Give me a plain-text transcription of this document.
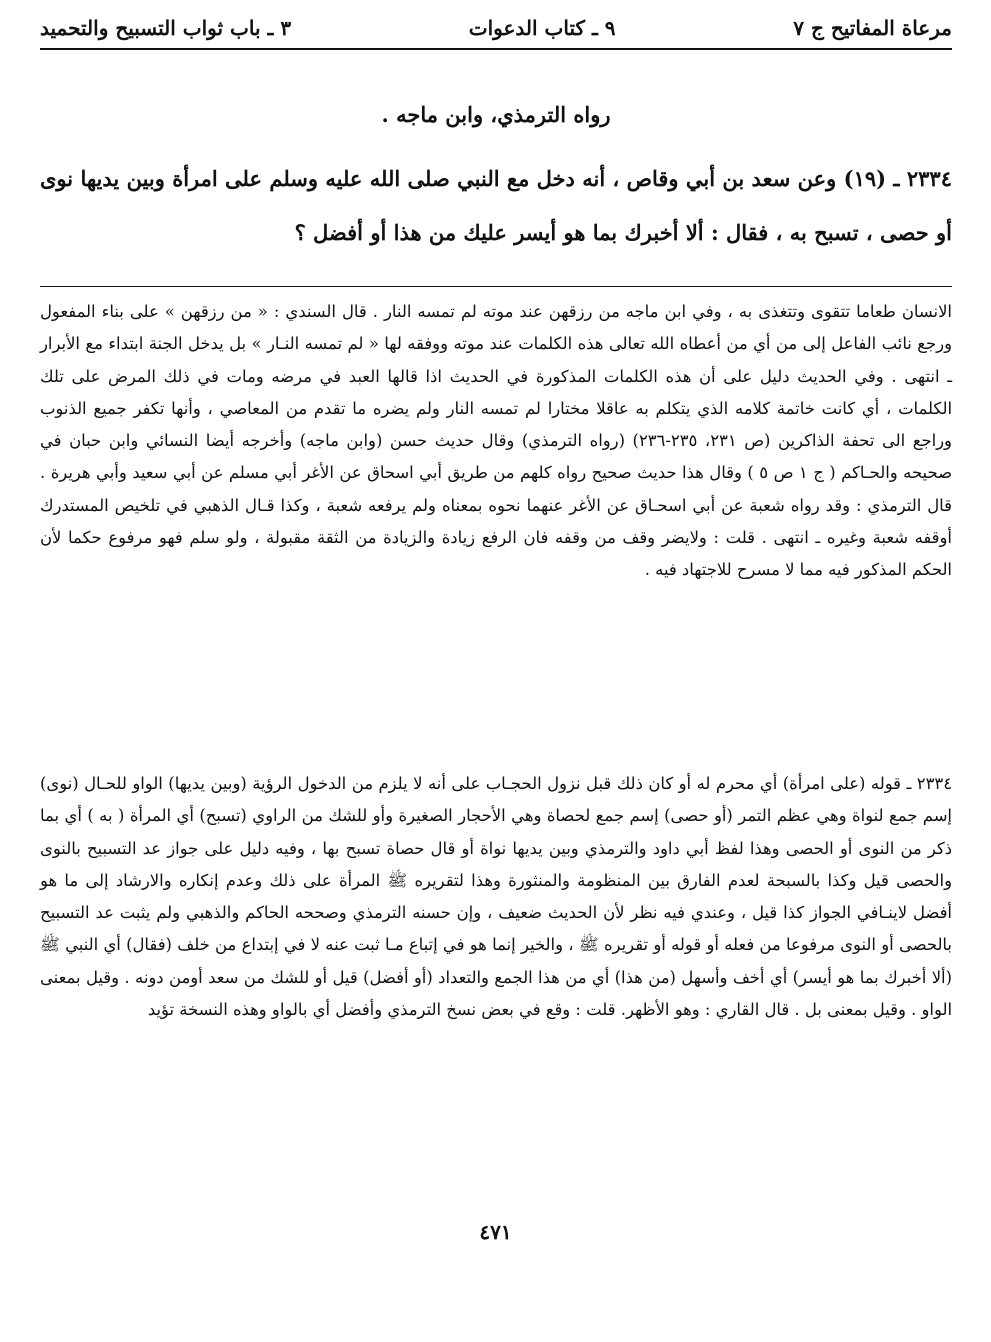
مرعاة المفاتيح ج ٧
٩ ـ كتاب الدعوات
٣ ـ باب ثواب التسبيح والتحميد
رواه الترمذي، وابن ماجه .
٢٣٣٤ ـ (١٩) وعن سعد بن أبي وقاص ، أنه دخل مع النبي صلى الله عليه وسلم على امرأة وبين يديها نوى أو حصى ، تسبح به ، فقال : ألا أخبرك بما هو أيسر عليك من هذا أو أفضل ؟

الانسان طعاما تتقوى وتتغذى به ، وفي ابن ماجه من رزقهن عند موته لم تمسه النار . قال السندي : « من رزقهن » على بناء المفعول ورجع نائب الفاعل إلى من أي من أعطاه الله تعالى هذه الكلمات عند موته ووفقه لها « لم تمسه النـار » بل يدخل الجنة ابتداء مع الأبرار ـ انتهى . وفي الحديث دليل على أن هذه الكلمات المذكورة في الحديث اذا قالها العبد في مرضه ومات في ذلك المرض على تلك الكلمات ، أي كانت خاتمة كلامه الذي يتكلم به عاقلا مختارا لم تمسه النار ولم يضره ما تقدم من المعاصي ، وأنها تكفر جميع الذنوب وراجع الى تحفة الذاكرين (ص ٢٣١، ٢٣٥-٢٣٦) (رواه الترمذي) وقال حديث حسن (وابن ماجه) وأخرجه أيضا النسائي وابن حبان في صحيحه والحـاكم ( ج ١ ص ٥ ) وقال هذا حديث صحيح رواه كلهم من طريق أبي اسحاق عن الأغر أبي مسلم عن أبي سعيد وأبي هريرة . قال الترمذي : وقد رواه شعبة عن أبي اسحـاق عن الأغر عنهما نحوه بمعناه ولم يرفعه شعبة ، وكذا قـال الذهبي في تلخيص المستدرك أوقفه شعبة وغيره ـ انتهى . قلت : ولايضر وقف من وقفه فان الرفع زيادة والزيادة من الثقة مقبولة ، ولو سلم فهو مرفوع حكما لأن الحكم المذكور فيه مما لا مسرح للاجتهاد فيه .

٢٣٣٤ ـ قوله (على امرأة) أي محرم له أو كان ذلك قبل نزول الحجـاب على أنه لا يلزم من الدخول الرؤية (وبين يديها) الواو للحـال (نوى) إسم جمع لنواة وهي عظم التمر (أو حصى) إسم جمع لحصاة وهي الأحجار الصغيرة وأو للشك من الراوي (تسبح) أي المرأة ( به ) أي بما ذكر من النوى أو الحصى وهذا لفظ أبي داود والترمذي وبين يديها نواة أو قال حصاة تسبح بها ، وفيه دليل على جواز عد التسبيح بالنوى والحصى قيل وكذا بالسبحة لعدم الفارق بين المنظومة والمنثورة وهذا لتقريره ﷺ المرأة على ذلك وعدم إنكاره والارشاد إلى ما هو أفضل لاينـافي الجواز كذا قيل ، وعندي فيه نظر لأن الحديث ضعيف ، وإن حسنه الترمذي وصححه الحاكم والذهبي ولم يثبت عد التسبيح بالحصى أو النوى مرفوعا من فعله أو قوله أو تقريره ﷺ ، والخير إنما هو في إتباع مـا ثبت عنه لا في إبتداع من خلف (فقال) أي النبي ﷺ (ألا أخبرك بما هو أيسر) أي أخف وأسهل (من هذا) أي من هذا الجمع والتعداد (أو أفضل) قيل أو للشك من سعد أومن دونه . وقيل بمعنى الواو . وقيل بمعنى بل . قال القاري : وهو الأظهر. قلت : وقع في بعض نسخ الترمذي وأفضل أي بالواو وهذه النسخة تؤيد

٤٧١
